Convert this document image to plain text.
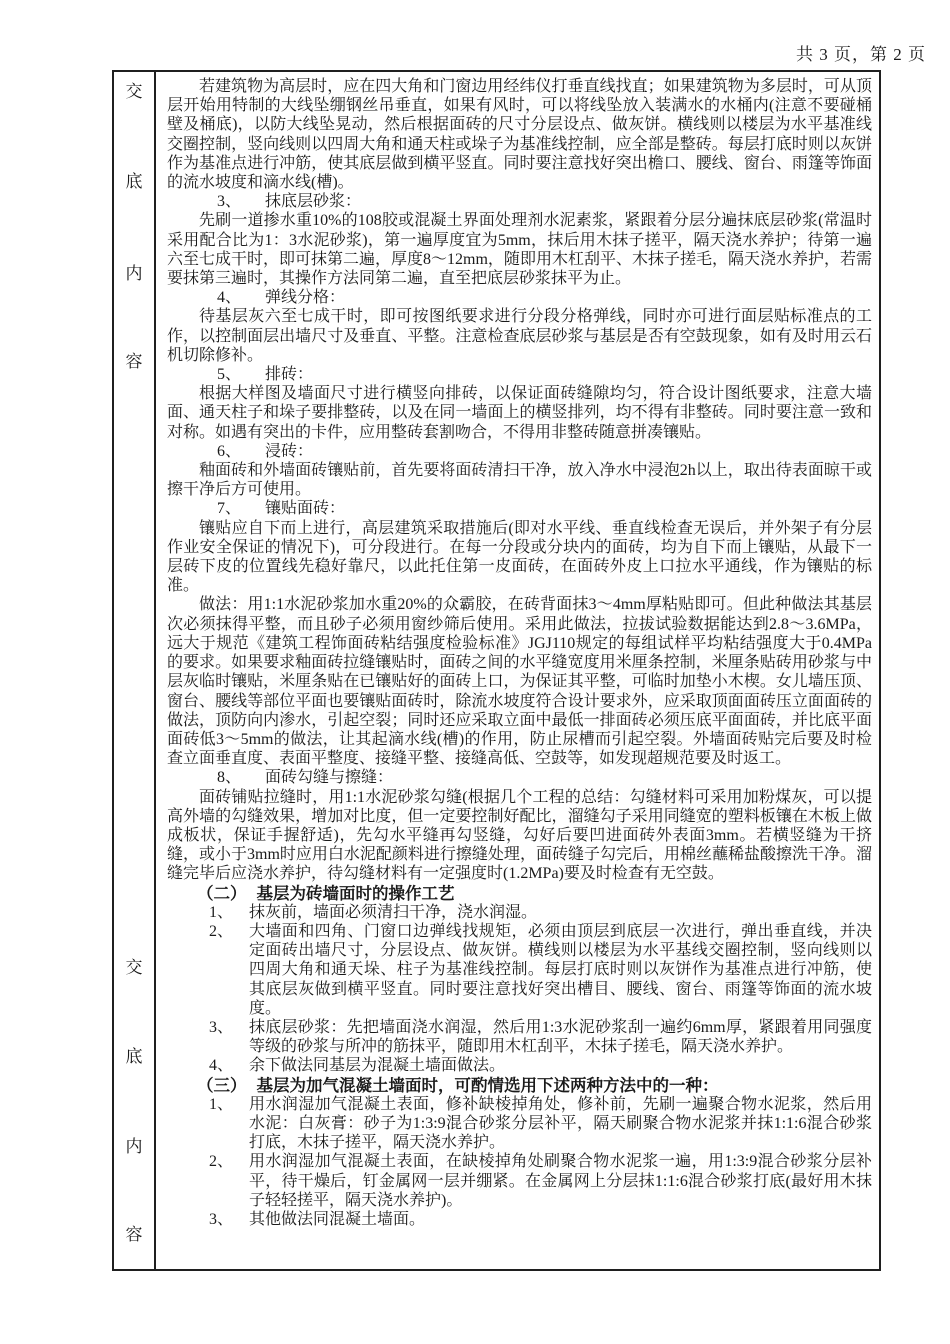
共 3 页，第 2 页
交
底
内
容
交
底
内
容
若建筑物为高层时，应在四大角和门窗边用经纬仪打垂直线找直；如果建筑物为多层时，可从顶层开始用特制的大线坠绷钢丝吊垂直，如果有风时，可以将线坠放入装满水的水桶内(注意不要碰桶壁及桶底)，以防大线坠晃动，然后根据面砖的尺寸分层设点、做灰饼。横线则以楼层为水平基准线交圈控制，竖向线则以四周大角和通天柱或垛子为基准线控制，应全部是整砖。每层打底时则以灰饼作为基准点进行冲筋，使其底层做到横平竖直。同时要注意找好突出檐口、腰线、窗台、雨篷等饰面的流水坡度和滴水线(槽)。
3、 抹底层砂浆：
先刷一道掺水重10%的108胶或混凝土界面处理剂水泥素浆，紧跟着分层分遍抹底层砂浆(常温时采用配合比为1：3水泥砂浆)，第一遍厚度宜为5mm，抹后用木抹子搓平，隔天浇水养护；待第一遍六至七成干时，即可抹第二遍，厚度8～12mm，随即用木杠刮平、木抹子搓毛，隔天浇水养护，若需要抹第三遍时，其操作方法同第二遍，直至把底层砂浆抹平为止。
4、 弹线分格：
待基层灰六至七成干时，即可按图纸要求进行分段分格弹线，同时亦可进行面层贴标准点的工作，以控制面层出墙尺寸及垂直、平整。注意检查底层砂浆与基层是否有空鼓现象，如有及时用云石机切除修补。
5、 排砖：
根据大样图及墙面尺寸进行横竖向排砖，以保证面砖缝隙均匀，符合设计图纸要求，注意大墙面、通天柱子和垛子要排整砖，以及在同一墙面上的横竖排列，均不得有非整砖。同时要注意一致和对称。如遇有突出的卡件，应用整砖套割吻合，不得用非整砖随意拼凑镶贴。
6、 浸砖：
釉面砖和外墙面砖镶贴前，首先要将面砖清扫干净，放入净水中浸泡2h以上，取出待表面晾干或擦干净后方可使用。
7、 镶贴面砖：
镶贴应自下而上进行，高层建筑采取措施后(即对水平线、垂直线检查无误后，并外架子有分层作业安全保证的情况下)，可分段进行。在每一分段或分块内的面砖，均为自下而上镶贴，从最下一层砖下皮的位置线先稳好靠尺，以此托住第一皮面砖，在面砖外皮上口拉水平通线，作为镶贴的标准。
做法：用1:1水泥砂浆加水重20%的众霸胶，在砖背面抹3～4mm厚粘贴即可。但此种做法其基层次必须抹得平整，而且砂子必须用窗纱筛后使用。采用此做法，拉拔试验数据能达到2.8～3.6MPa，远大于规范《建筑工程饰面砖粘结强度检验标准》JGJ110规定的每组试样平均粘结强度大于0.4MPa的要求。如果要求釉面砖拉缝镶贴时，面砖之间的水平缝宽度用米厘条控制，米厘条贴砖用砂浆与中层灰临时镶贴，米厘条贴在已镶贴好的面砖上口，为保证其平整，可临时加垫小木楔。女儿墙压顶、窗台、腰线等部位平面也要镶贴面砖时，除流水坡度符合设计要求外，应采取顶面面砖压立面面砖的做法，顶防向内渗水，引起空裂；同时还应采取立面中最低一排面砖必须压底平面面砖，并比底平面面砖低3～5mm的做法，让其起滴水线(槽)的作用，防止尿槽而引起空裂。外墙面砖贴完后要及时检查立面垂直度、表面平整度、接缝平整、接缝高低、空鼓等，如发现超规范要及时返工。
8、 面砖勾缝与擦缝：
面砖铺贴拉缝时，用1:1水泥砂浆勾缝(根据几个工程的总结：勾缝材料可采用加粉煤灰，可以提高外墙的勾缝效果，增加对比度，但一定要控制好配比，溜缝勾子采用同缝宽的塑料板镶在木板上做成板状，保证手握舒适)，先勾水平缝再勾竖缝，勾好后要凹进面砖外表面3mm。若横竖缝为干挤缝，或小于3mm时应用白水泥配颜料进行擦缝处理，面砖缝子勾完后，用棉丝蘸稀盐酸擦洗干净。溜缝完毕后应浇水养护，待勾缝材料有一定强度时(1.2MPa)要及时检查有无空鼓。
（二） 基层为砖墙面时的操作工艺
1、 抹灰前，墙面必须清扫干净，浇水润湿。
2、 大墙面和四角、门窗口边弹线找规矩，必须由顶层到底层一次进行，弹出垂直线，并决定面砖出墙尺寸，分层设点、做灰饼。横线则以楼层为水平基线交圈控制，竖向线则以四周大角和通天垛、柱子为基准线控制。每层打底时则以灰饼作为基准点进行冲筋，使其底层灰做到横平竖直。同时要注意找好突出槽目、腰线、窗台、雨篷等饰面的流水坡度。
3、 抹底层砂浆：先把墙面浇水润湿，然后用1:3水泥砂浆刮一遍约6mm厚，紧跟着用同强度等级的砂浆与所冲的筋抹平，随即用木杠刮平，木抹子搓毛，隔天浇水养护。
4、 余下做法同基层为混凝土墙面做法。
（三） 基层为加气混凝土墙面时，可酌情选用下述两种方法中的一种：
1、 用水润湿加气混凝土表面，修补缺棱掉角处，修补前，先刷一遍聚合物水泥浆，然后用水泥：白灰膏：砂子为1:3:9混合砂浆分层补平，隔天刷聚合物水泥浆并抹1:1:6混合砂浆打底，木抹子搓平，隔天浇水养护。
2、 用水润湿加气混凝土表面，在缺棱掉角处刷聚合物水泥浆一遍，用1:3:9混合砂浆分层补平，待干燥后，钉金属网一层并绷紧。在金属网上分层抹1:1:6混合砂浆打底(最好用木抹子轻轻搓平，隔天浇水养护)。
3、 其他做法同混凝土墙面。
